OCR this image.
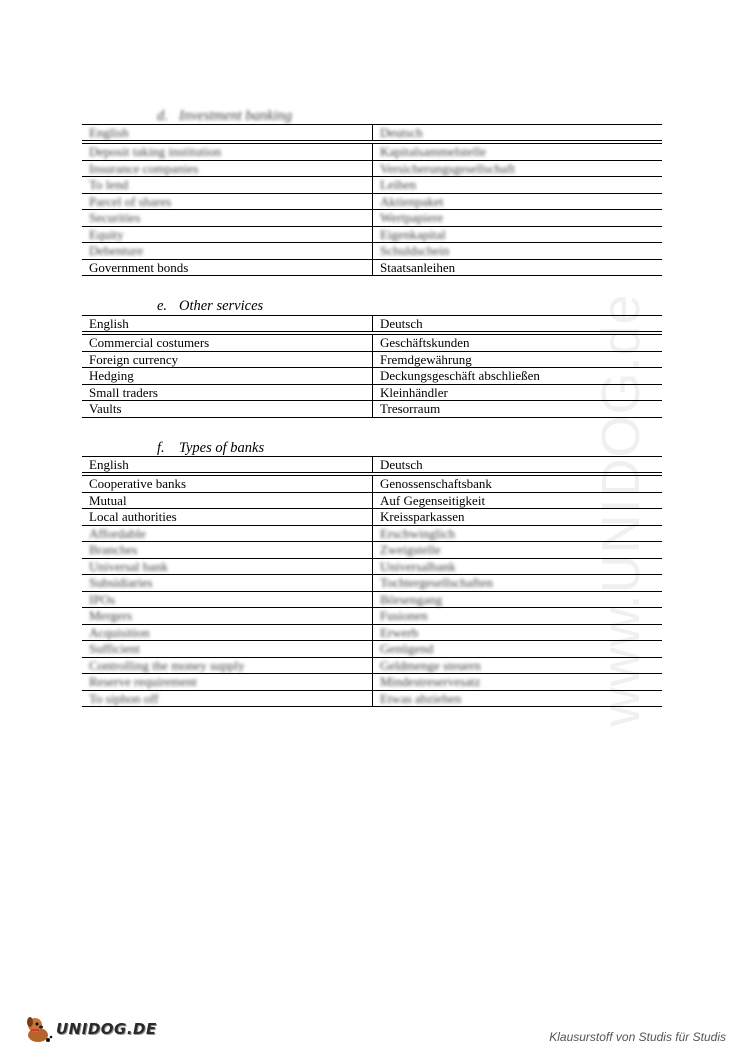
www.UNIDOG.de
d. Investment banking
English	Deutsch
Deposit taking institution	Kapitalsammelstelle
Insurance companies	Versicherungsgesellschaft
To lend	Leihen
Parcel of shares	Aktienpaket
Securities	Wertpapiere
Equity	Eigenkapital
Debenture	Schuldschein
Government bonds	Staatsanleihen
e. Other services
English	Deutsch
Commercial costumers	Geschäftskunden
Foreign currency	Fremdgewährung
Hedging	Deckungsgeschäft abschließen
Small traders	Kleinhändler
Vaults	Tresorraum
f. Types of banks
English	Deutsch
Cooperative banks	Genossenschaftsbank
Mutual	Auf Gegenseitigkeit
Local authorities	Kreissparkassen
Affordable	Erschwinglich
Branches	Zweigstelle
Universal bank	Universalbank
Subsidiaries	Tochtergesellschaften
IPOs	Börsengang
Mergers	Fusionen
Acquisition	Erwerb
Sufficient	Genügend
Controlling the money supply	Geldmenge steuern
Reserve requirement	Mindestreservesatz
To siphon off	Etwas abziehen
UNIDOG.DE	Klausurstoff von Studis für Studis
